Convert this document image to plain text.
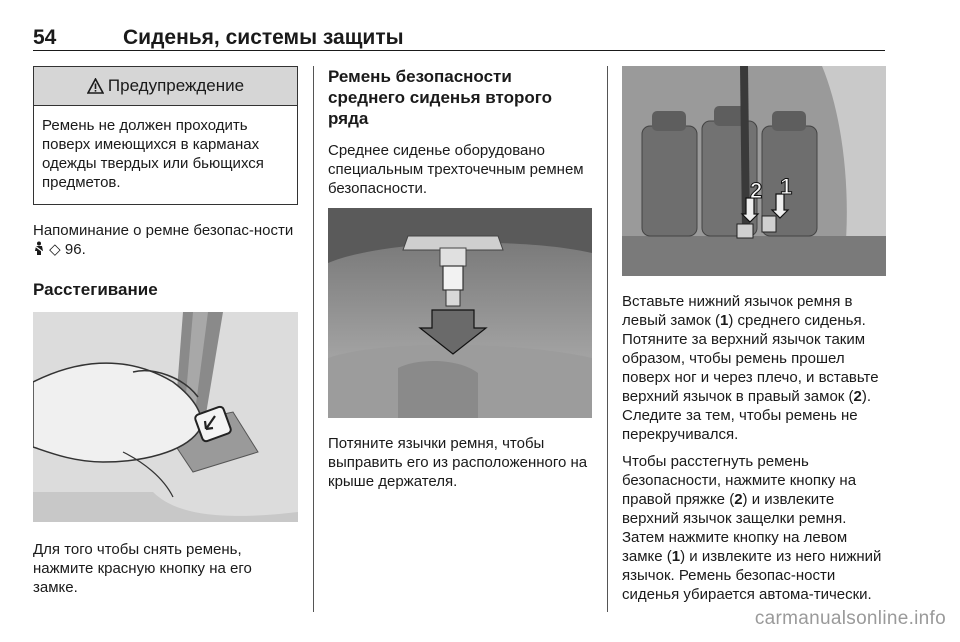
54	Сиденья, системы защиты
Предупреждение
Ремень не должен проходить поверх имеющихся в карманах одежды твердых или бьющихся предметов.

Напоминание о ремне безопас-ности  ◇ 96.

Расстегивание

Для того чтобы снять ремень, нажмите красную кнопку на его замке.

Ремень безопасности среднего сиденья второго ряда

Среднее сиденье оборудовано специальным трехточечным ремнем безопасности.

Потяните язычки ремня, чтобы выправить его из расположенного на крыше держателя.

2 1

Вставьте нижний язычок ремня в левый замок (1) среднего сиденья. Потяните за верхний язычок таким образом, чтобы ремень прошел поверх ног и через плечо, и вставьте верхний язычок в правый замок (2). Следите за тем, чтобы ремень не перекручивался.

Чтобы расстегнуть ремень безопасности, нажмите кнопку на правой пряжке (2) и извлеките верхний язычок защелки ремня. Затем нажмите кнопку на левом замке (1) и извлеките из него нижний язычок. Ремень безопас-ности сиденья убирается автома-тически.

carmanualsonline.info
